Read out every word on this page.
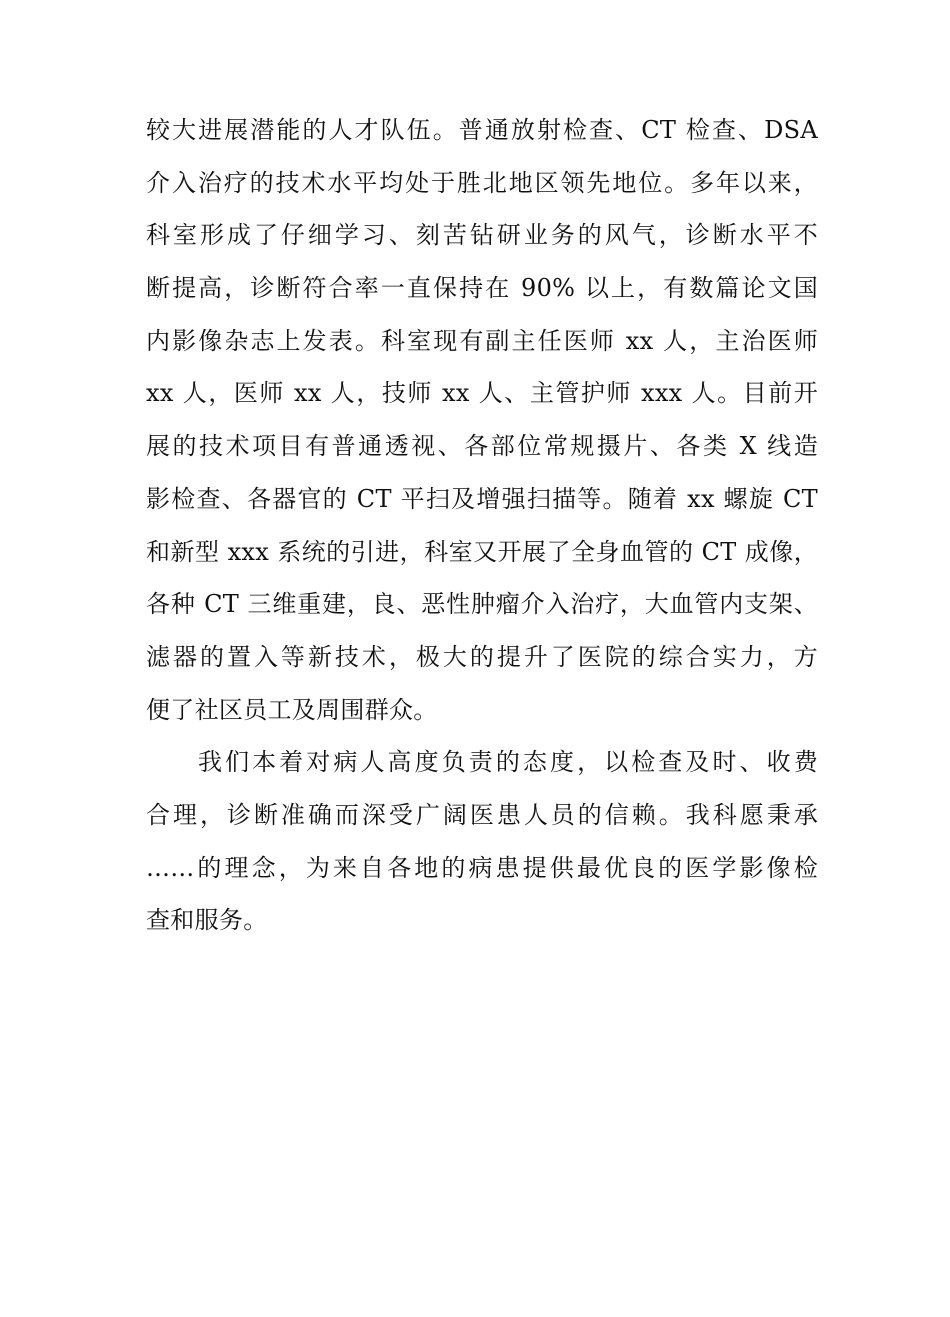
较大进展潜能的人才队伍。普通放射检查、CT 检查、DSA
介入治疗的技术水平均处于胜北地区领先地位。多年以来，
科室形成了仔细学习、刻苦钻研业务的风气，诊断水平不
断提高，诊断符合率一直保持在 90% 以上，有数篇论文国
内影像杂志上发表。科室现有副主任医师 xx 人，主治医师
xx 人，医师 xx 人，技师 xx 人、主管护师 xxx 人。目前开
展的技术项目有普通透视、各部位常规摄片、各类 X 线造
影检查、各器官的 CT 平扫及增强扫描等。随着 xx 螺旋 CT
和新型 xxx 系统的引进，科室又开展了全身血管的 CT 成像，
各种 CT 三维重建，良、恶性肿瘤介入治疗，大血管内支架、
滤器的置入等新技术，极大的提升了医院的综合实力，方
便了社区员工及周围群众。
我们本着对病人高度负责的态度，以检查及时、收费
合理，诊断准确而深受广阔医患人员的信赖。我科愿秉承
……的理念，为来自各地的病患提供最优良的医学影像检
查和服务。
